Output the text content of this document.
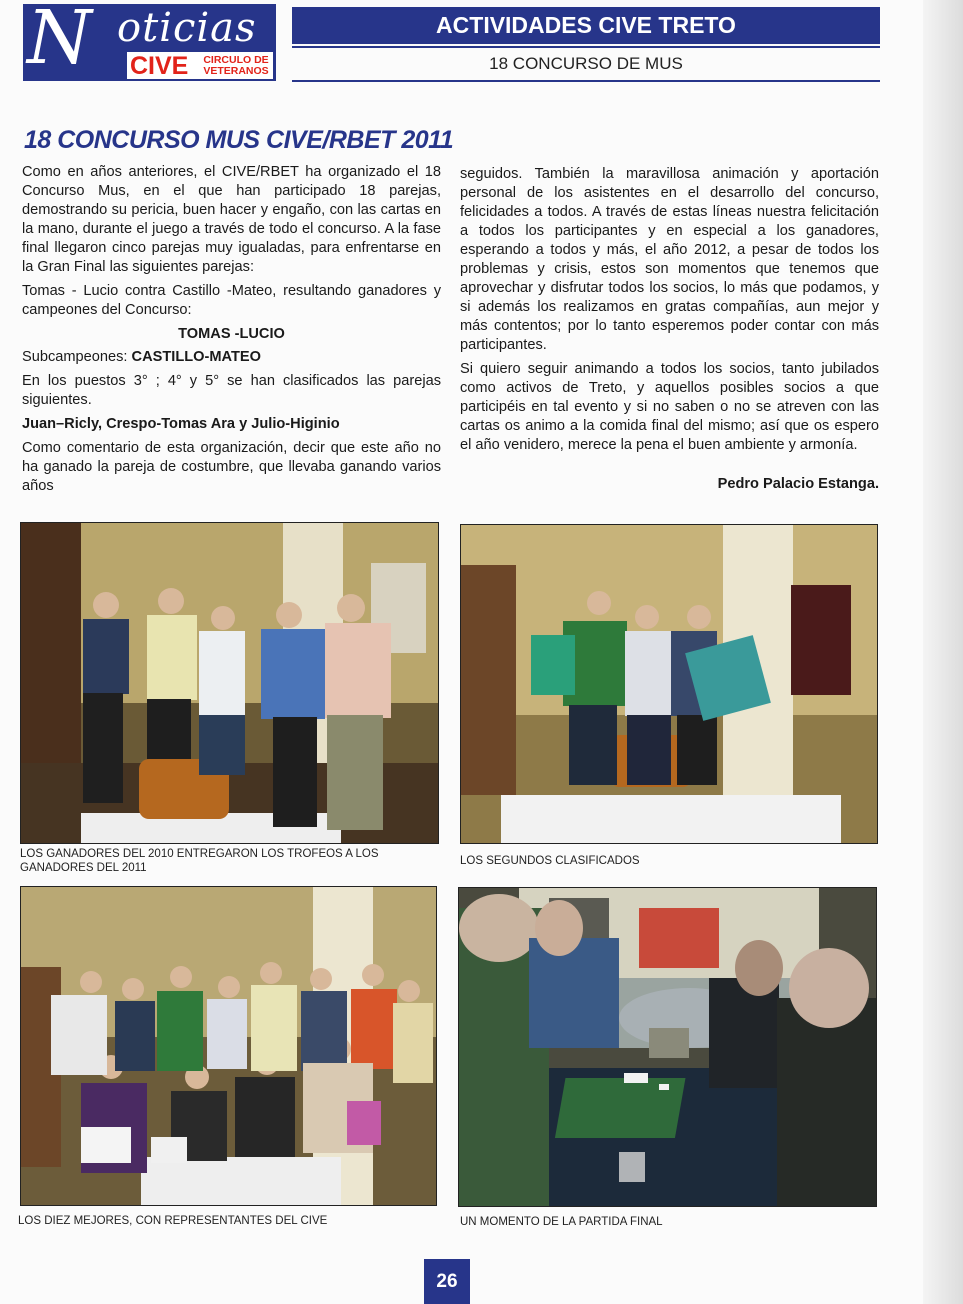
N oticias
CIVE	CIRCULO DE
VETERANOS
ACTIVIDADES CIVE TRETO
18 CONCURSO DE MUS
18 CONCURSO MUS CIVE/RBET 2011

Como en años anteriores, el CIVE/RBET ha organizado el 18 Concurso Mus, en el que han participado 18 parejas, demostrando su pericia, buen hacer y engaño, con las cartas en la mano, durante el juego a través de todo el concurso. A la fase final llegaron cinco parejas muy igualadas, para enfrentarse en la Gran Final las siguientes parejas:

Tomas - Lucio contra Castillo -Mateo, resultando ganadores y campeones del Concurso:

TOMAS -LUCIO

Subcampeones: CASTILLO-MATEO

En los puestos 3° ; 4° y 5° se han clasificados las parejas siguientes.

Juan–Ricly, Crespo-Tomas Ara y Julio-Higinio

Como comentario de esta organización, decir que este año no ha ganado la pareja de costumbre, que llevaba ganando varios años

seguidos. También la maravillosa animación y aportación personal de los asistentes en el desarrollo del concurso, felicidades a todos. A través de estas líneas nuestra felicitación a todos los participantes y en especial a los ganadores, esperando a todos y más, el año 2012, a pesar de todos los problemas y crisis, estos son momentos que tenemos que aprovechar y disfrutar todos los socios, lo más que podamos, y si además los realizamos en gratas compañías, aun mejor y más contentos; por lo tanto esperemos poder contar con más participantes.

Si quiero seguir animando a todos los socios, tanto jubilados como activos de Treto, y aquellos posibles socios a que participéis en tal evento y si no saben o no se atreven con las cartas os animo a la comida final del mismo; así que os espero el año venidero, merece la pena el buen ambiente y armonía.

Pedro Palacio Estanga.

LOS GANADORES DEL 2010 ENTREGARON LOS TROFEOS A LOS GANADORES DEL 2011
LOS SEGUNDOS CLASIFICADOS
LOS DIEZ MEJORES, CON REPRESENTANTES DEL CIVE	UN MOMENTO DE LA PARTIDA FINAL
26
